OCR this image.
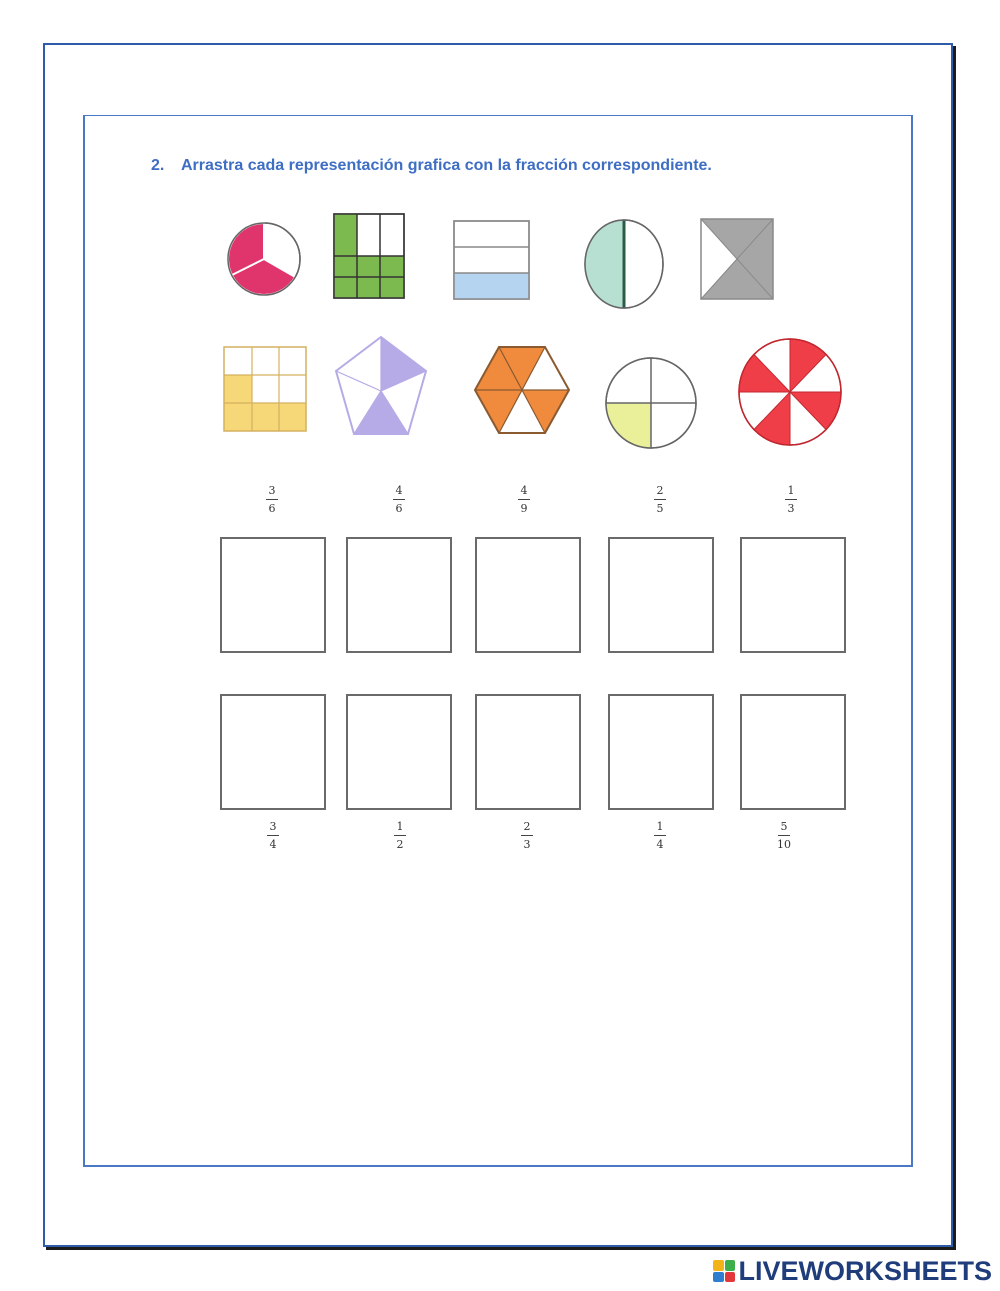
2. Arrastra cada representación grafica con la fracción correspondiente.

3
6
4
6
4
9
2
5
1
3
3
4
1
2
2
3
1
4
5
10
LIVEWORKSHEETS
